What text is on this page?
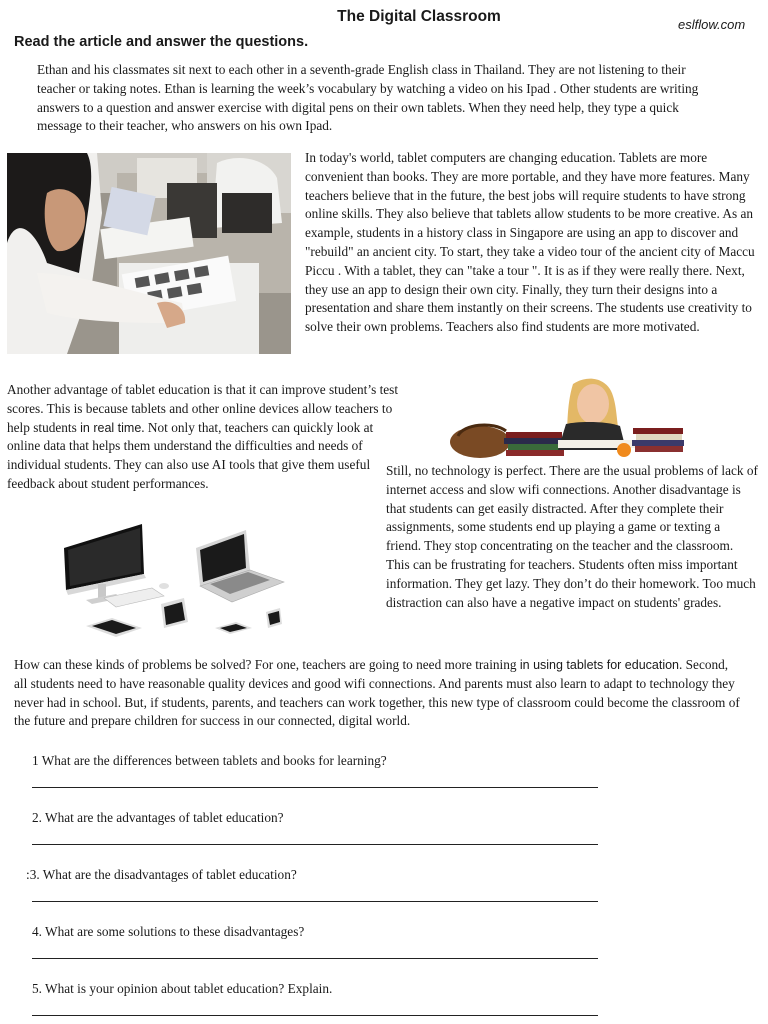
The Digital Classroom	eslflow.com
Read the article and answer the questions.

Ethan and his classmates sit next to each other in a seventh-grade English class in Thailand. They are not listening to their teacher or taking notes. Ethan is learning the week’s vocabulary by watching a video on his Ipad . Other students are writing answers to a question and answer exercise with digital pens on their own tablets. When they need help, they type a quick message to their teacher, who answers on his own Ipad.

In today's world, tablet computers are changing education. Tablets are more convenient than books. They are more portable, and they have more features. Many teachers believe that in the future, the best jobs will require students to have strong online skills. They also believe that tablets allow students to be more creative. As an example, students in a history class in Singapore are using an app to discover and "rebuild" an ancient city. To start, they take a video tour of the ancient city of Maccu Piccu . With a tablet, they can "take a tour ". It is as if they were really there. Next, they use an app to design their own city. Finally, they turn their designs into a presentation and share them instantly on their screens. The students use creativity to solve their own problems. Teachers also find students are more motivated.

Another advantage of tablet education is that it can improve student’s test scores. This is because tablets and other online devices allow teachers to help students in real time. Not only that, teachers can quickly look at online data that helps them understand the difficulties and needs of individual students. They can also use AI tools that give them useful feedback about student performances.

Still, no technology is perfect. There are the usual problems of lack of internet access and slow wifi connections. Another disadvantage is that students can get easily distracted. After they complete their assignments, some students end up playing a game or texting a friend. They stop concentrating on the teacher and the classroom. This can be frustrating for teachers. Students often miss important information. They get lazy. They don’t do their homework. Too much distraction can also have a negative impact on students' grades.

How can these kinds of problems be solved? For one, teachers are going to need more training in using tablets for education. Second, all students need to have reasonable quality devices and good wifi connections. And parents must also learn to adapt to technology they never had in school. But, if students, parents, and teachers can work together, this new type of classroom could become the classroom of the future and prepare children for success in our connected, digital world.

1 What are the differences between tablets and books for learning?
2. What are the advantages of tablet education?
:3. What are the disadvantages of tablet education?
4. What are some solutions to these disadvantages?
5. What is your opinion about tablet education? Explain.
